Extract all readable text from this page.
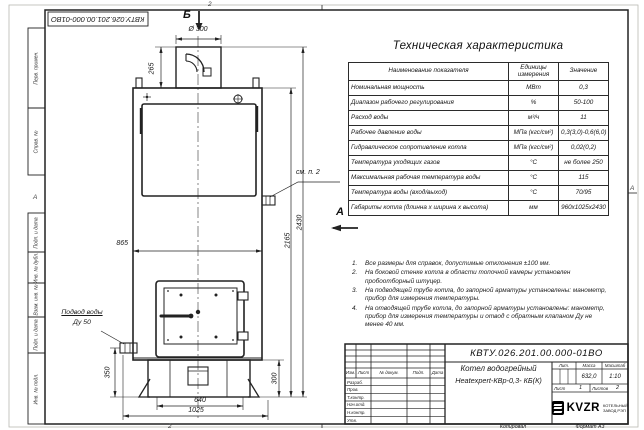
КВТУ.026.201.00.000-01ВО
Перв. примен.
Справ. №
Подп. и дата
Инв. № дубл.
Взам. инв. №
Подп. и дата
Инв. № подл.
2
2
А
А
Б
Ø 300
265
см. п. 2
А
865
2430
2165
300
350
640
1025
Подвод воды
Ду 50
Техническая характеристика
Наименование показателя	Единицы измерения	Значение
Номинальная мощность	МВт	0,3
Диапазон рабочего регулирования	%	50-100
Расход воды	м³/ч	11
Рабочее давление воды	МПа (кгс/см²)	0,3(3,0)-0,6(6,0)
Гидравлическое сопротивление котла	МПа (кгс/см²)	0,02(0,2)
Температура уходящих газов	°С	не более 250
Максимальная рабочая температура воды	°С	115
Температура воды (вход/выход)	°С	70/95
Габариты котла (длинна х ширина х высота)	мм	960х1025х2430
1.	Все размеры для справок, допустимые отклонения ±100 мм.
2.	На боковой стенке котла в области топочной камеры установлен пробоотборный штуцер.
3.	На подводящей трубе котла, до запорной арматуры установлены: манометр, прибор для измерения температуры.
4.	На отводящей трубе котла, до запорной арматуры установлены: манометр, прибор для измерения температуры и отвод с обратным клапаном Ду не менее 40 мм.
КВТУ.026.201.00.000-01ВО
Котел водогрейный
Heatexpert-КВр-0,3- КБ(К)
Изм. Лист	№ докум.	Подп.	Дата
Разраб.
Пров.
Т.контр.
Нач.отд.
Н.контр.
Утв.
Лит.	Масса	Масштаб
632,0	1:10
Лист 1 Листов 2
KVZR КОТЕЛЬНЫЙ
ЗАВОД РЭП
Копировал	Формат А3
